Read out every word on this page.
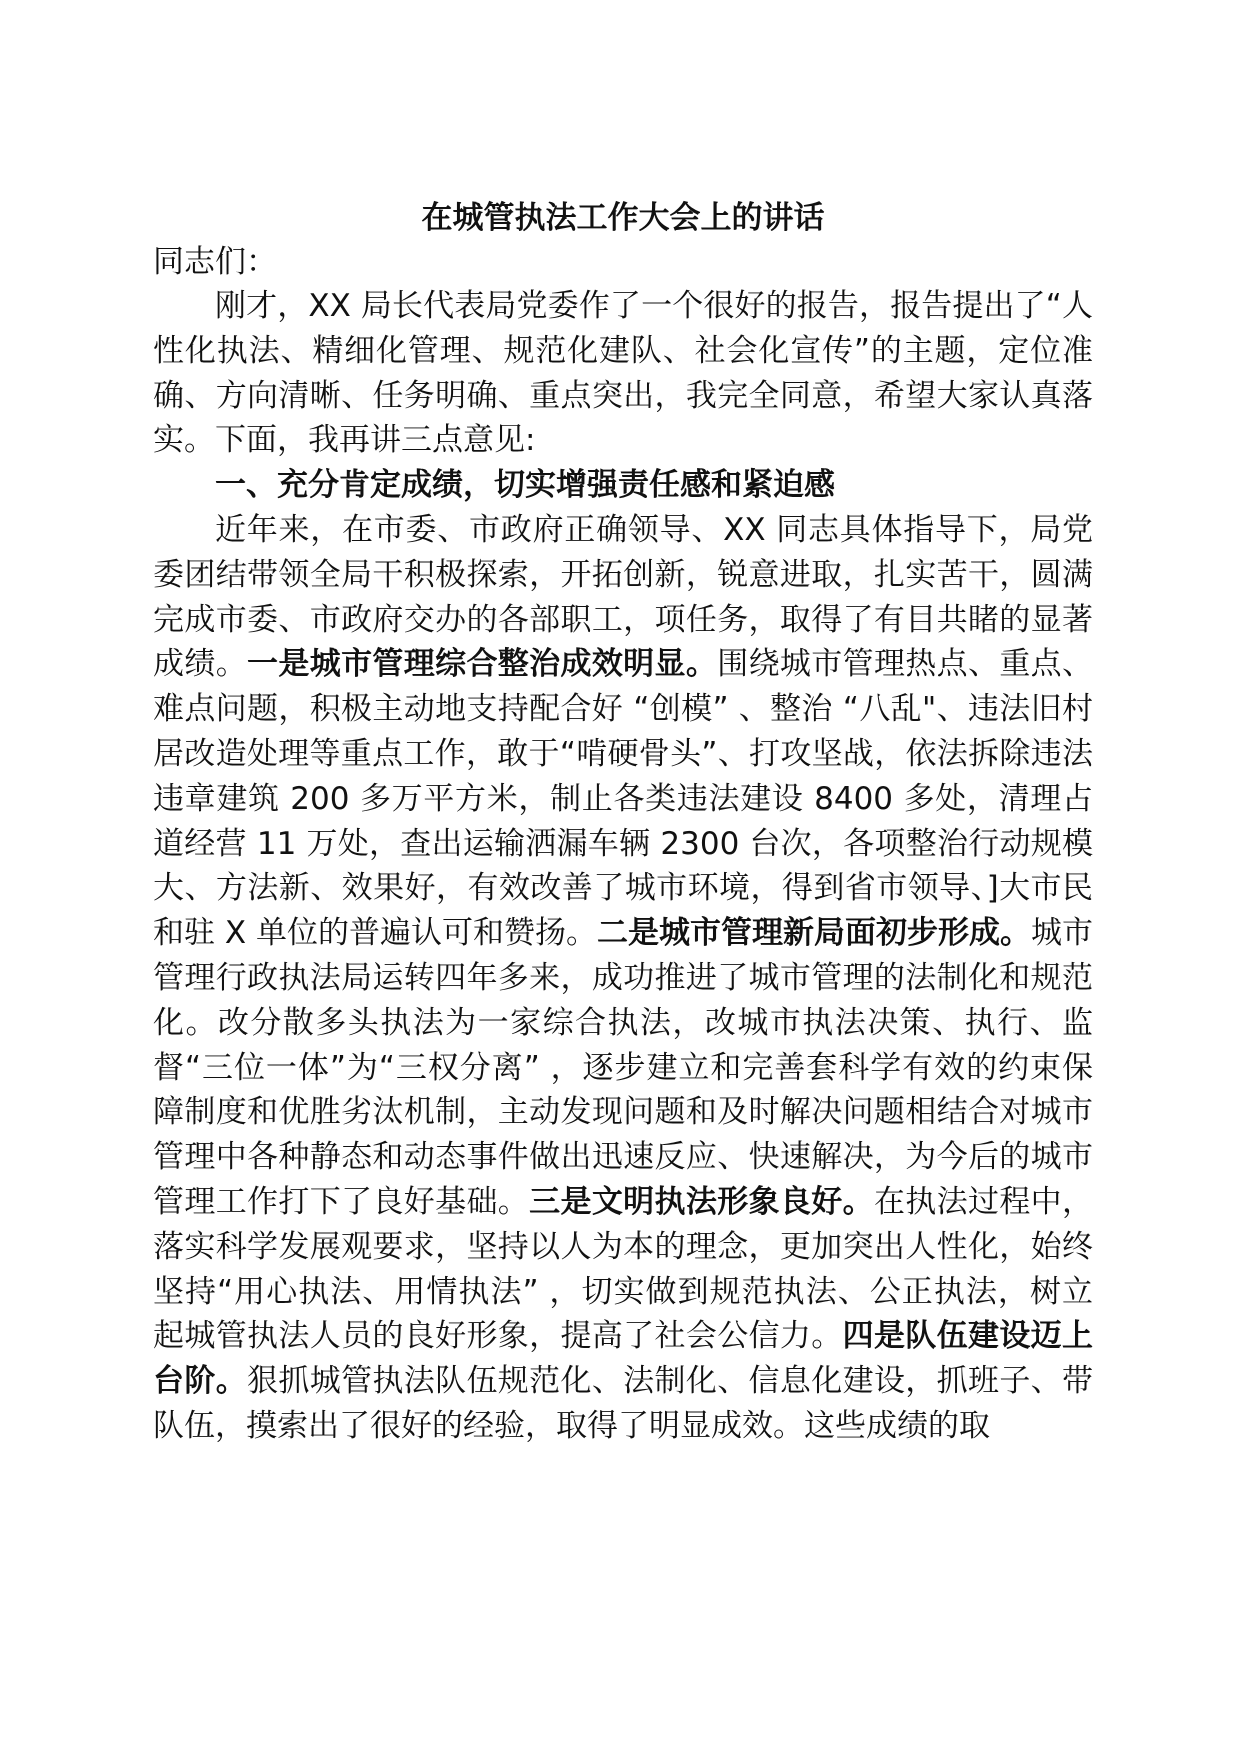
在城管执法工作大会上的讲话

同志们：

刚才，XX 局长代表局党委作了一个很好的报告，报告提出了“人性化执法、精细化管理、规范化建队、社会化宣传”的主题，定位准确、方向清晰、任务明确、重点突出，我完全同意，希望大家认真落实。下面，我再讲三点意见:

一、充分肯定成绩，切实增强责任感和紧迫感

近年来，在市委、市政府正确领导、XX 同志具体指导下，局党委团结带领全局干积极探索，开拓创新，锐意进取，扎实苦干，圆满完成市委、市政府交办的各部职工，项任务，取得了有目共睹的显著成绩。一是城市管理综合整治成效明显。围绕城市管理热点、重点、难点问题，积极主动地支持配合好 “创模” 、整治 “八乱"、违法旧村居改造处理等重点工作，敢于“啃硬骨头”、打攻坚战，依法拆除违法违章建筑 200 多万平方米，制止各类违法建设 8400 多处，清理占道经营 11 万处，查出运输洒漏车辆 2300 台次，各项整治行动规模大、方法新、效果好，有效改善了城市环境，得到省市领导、]大市民和驻 X 单位的普遍认可和赞扬。二是城市管理新局面初步形成。城市管理行政执法局运转四年多来，成功推进了城市管理的法制化和规范化。改分散多头执法为一家综合执法，改城市执法决策、执行、监督“三位一体”为“三权分离” ，逐步建立和完善套科学有效的约束保障制度和优胜劣汰机制，主动发现问题和及时解决问题相结合对城市管理中各种静态和动态事件做出迅速反应、快速解决，为今后的城市管理工作打下了良好基础。三是文明执法形象良好。在执法过程中，落实科学发展观要求，坚持以人为本的理念，更加突出人性化，始终坚持“用心执法、用情执法” ，切实做到规范执法、公正执法，树立起城管执法人员的良好形象，提高了社会公信力。四是队伍建设迈上台阶。狠抓城管执法队伍规范化、法制化、信息化建设，抓班子、带队伍，摸索出了很好的经验，取得了明显成效。这些成绩的取
